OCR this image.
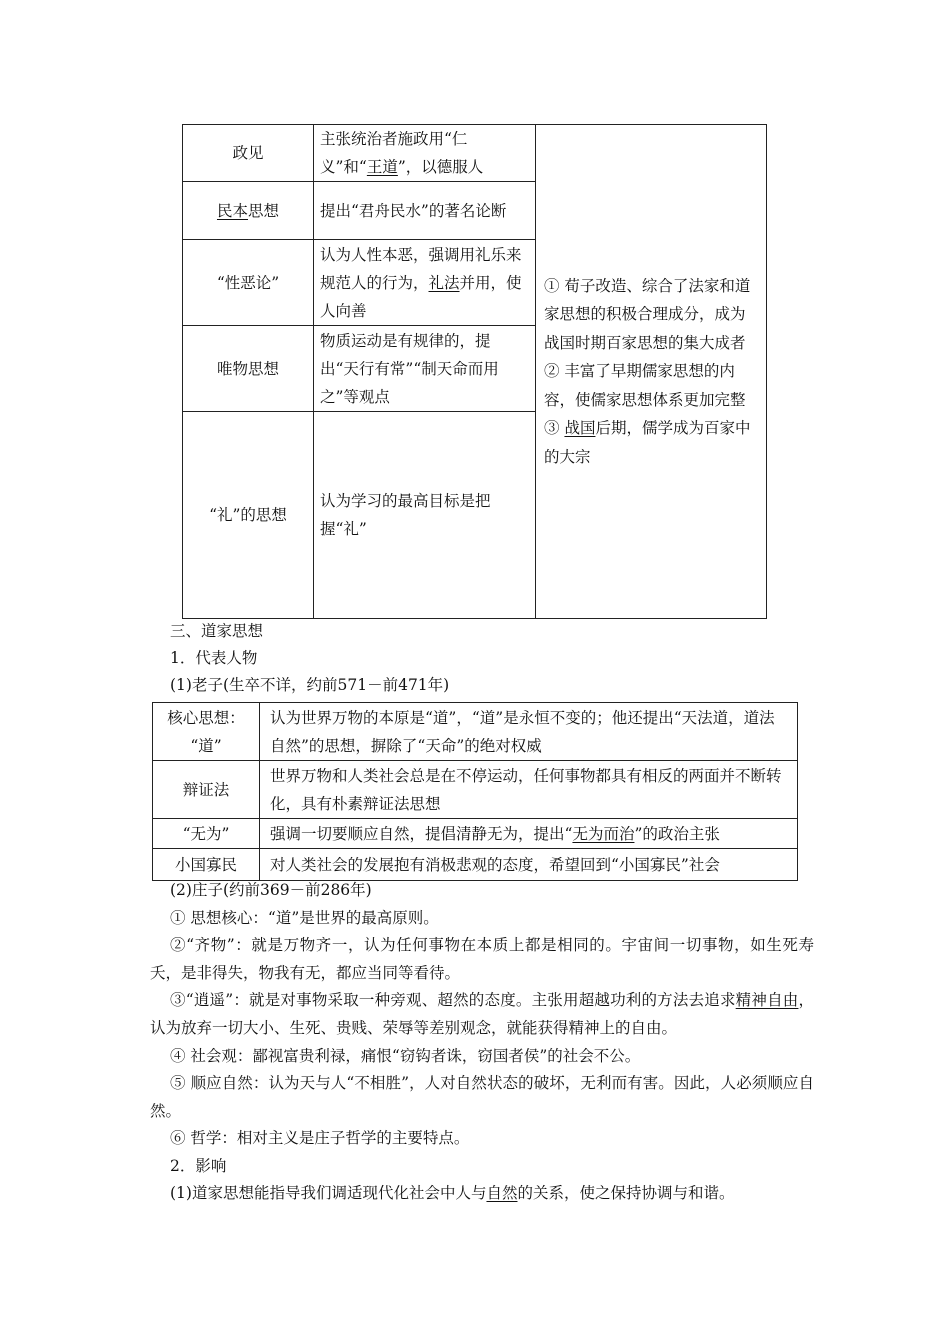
政见	主张统治者施政用“仁义”和“王道”，以德服人	① 荀子改造、综合了法家和道家思想的积极合理成分，成为战国时期百家思想的集大成者
② 丰富了早期儒家思想的内容，使儒家思想体系更加完整
③ 战国后期，儒学成为百家中的大宗

民本思想	提出“君舟民水”的著名论断	
“性恶论”	认为人性本恶，强调用礼乐来规范人的行为，礼法并用，使人向善	
唯物思想	物质运动是有规律的，提出“天行有常”“制天命而用之”等观点	
“礼”的思想	认为学习的最高目标是把握“礼”	
三、道家思想
1．代表人物
(1)老子(生卒不详，约前571－前471年)
核心思想：
“道”	认为世界万物的本原是“道”，“道”是永恒不变的；他还提出“天法道，道法自然”的思想，摒除了“天命”的绝对权威
辩证法	世界万物和人类社会总是在不停运动，任何事物都具有相反的两面并不断转化，具有朴素辩证法思想
“无为”	强调一切要顺应自然，提倡清静无为，提出“无为而治”的政治主张
小国寡民	对人类社会的发展抱有消极悲观的态度，希望回到“小国寡民”社会
(2)庄子(约前369－前286年)
① 思想核心：“道”是世界的最高原则。
②“齐物”：就是万物齐一，认为任何事物在本质上都是相同的。宇宙间一切事物，如生死寿夭，是非得失，物我有无，都应当同等看待。
③“逍遥”：就是对事物采取一种旁观、超然的态度。主张用超越功利的方法去追求精神自由，认为放弃一切大小、生死、贵贱、荣辱等差别观念，就能获得精神上的自由。
④ 社会观：鄙视富贵利禄，痛恨“窃钩者诛，窃国者侯”的社会不公。
⑤ 顺应自然：认为天与人“不相胜”，人对自然状态的破坏，无利而有害。因此，人必须顺应自然。
⑥ 哲学：相对主义是庄子哲学的主要特点。
2．影响
(1)道家思想能指导我们调适现代化社会中人与自然的关系，使之保持协调与和谐。
